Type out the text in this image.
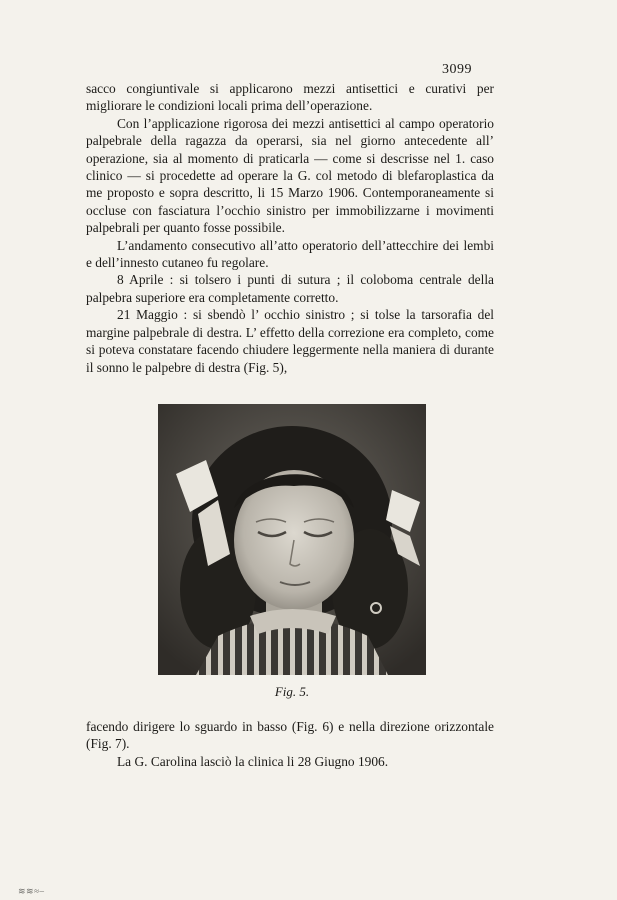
3099

sacco congiuntivale si applicarono mezzi antisettici e curativi per migliorare le condizioni locali prima dell’operazione.

Con l’applicazione rigorosa dei mezzi antisettici al campo operatorio palpebrale della ragazza da operarsi, sia nel giorno antecedente all’ operazione, sia al momento di praticarla — come si descrisse nel 1. caso clinico — si procedette ad operare la G. col metodo di blefaroplastica da me proposto e sopra descritto, li 15 Marzo 1906. Contemporaneamente si occluse con fasciatura l’occhio sinistro per immobilizzarne i movimenti palpebrali per quanto fosse possibile.

L’andamento consecutivo all’atto operatorio dell’attecchire dei lembi e dell’innesto cutaneo fu regolare.

8 Aprile : si tolsero i punti di sutura ; il coloboma centrale della palpebra superiore era completamente corretto.

21 Maggio : si sbendò l’ occhio sinistro ; si tolse la tarsorafia del margine palpebrale di destra. L’ effetto della correzione era completo, come si poteva constatare facendo chiudere leggermente nella maniera di durante il sonno le palpebre di destra (Fig. 5),

Fig. 5.

facendo dirigere lo sguardo in basso (Fig. 6) e nella direzione orizzontale (Fig. 7).

La G. Carolina lasciò la clinica li 28 Giugno 1906.

≋≋≈–
